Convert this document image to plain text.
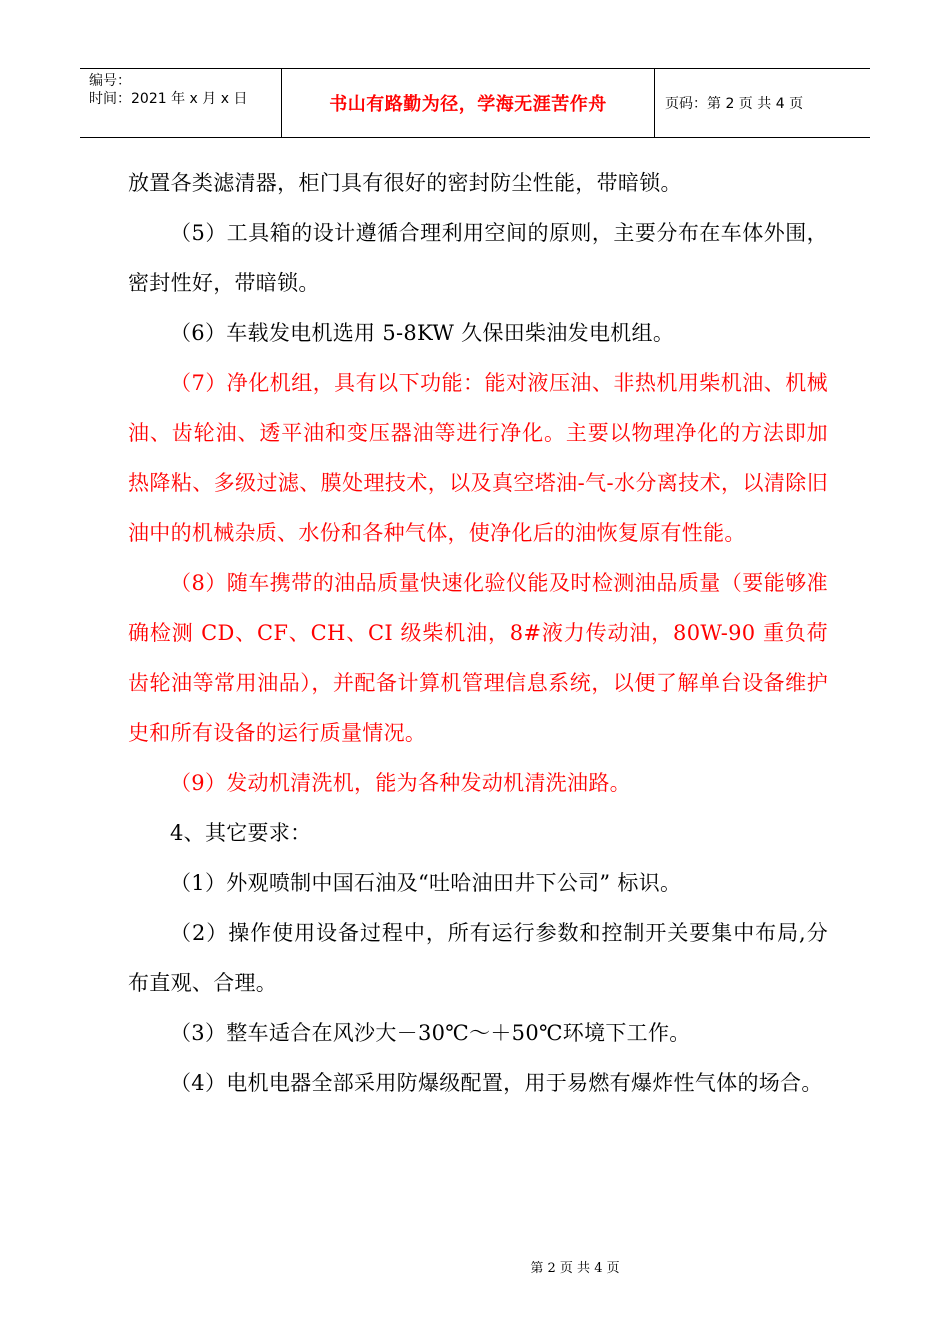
编号：
时间：2021 年 x 月 x 日	书山有路勤为径，学海无涯苦作舟	页码：第 2 页 共 4 页

放置各类滤清器，柜门具有很好的密封防尘性能，带暗锁。

（5）工具箱的设计遵循合理利用空间的原则，主要分布在车体外围，密封性好，带暗锁。

（6）车载发电机选用 5-8KW 久保田柴油发电机组。

（7）净化机组，具有以下功能：能对液压油、非热机用柴机油、机械油、齿轮油、透平油和变压器油等进行净化。主要以物理净化的方法即加热降粘、多级过滤、膜处理技术，以及真空塔油-气-水分离技术，以清除旧油中的机械杂质、水份和各种气体，使净化后的油恢复原有性能。

（8）随车携带的油品质量快速化验仪能及时检测油品质量（要能够准确检测 CD、CF、CH、CI 级柴机油，8#液力传动油，80W-90 重负荷齿轮油等常用油品），并配备计算机管理信息系统，以便了解单台设备维护史和所有设备的运行质量情况。

（9）发动机清洗机，能为各种发动机清洗油路。

4、其它要求：

（1）外观喷制中国石油及“吐哈油田井下公司” 标识。

（2）操作使用设备过程中，所有运行参数和控制开关要集中布局,分布直观、合理。

（3）整车适合在风沙大－30℃～＋50℃环境下工作。

（4）电机电器全部采用防爆级配置，用于易燃有爆炸性气体的场合。

第 2 页 共 4 页
